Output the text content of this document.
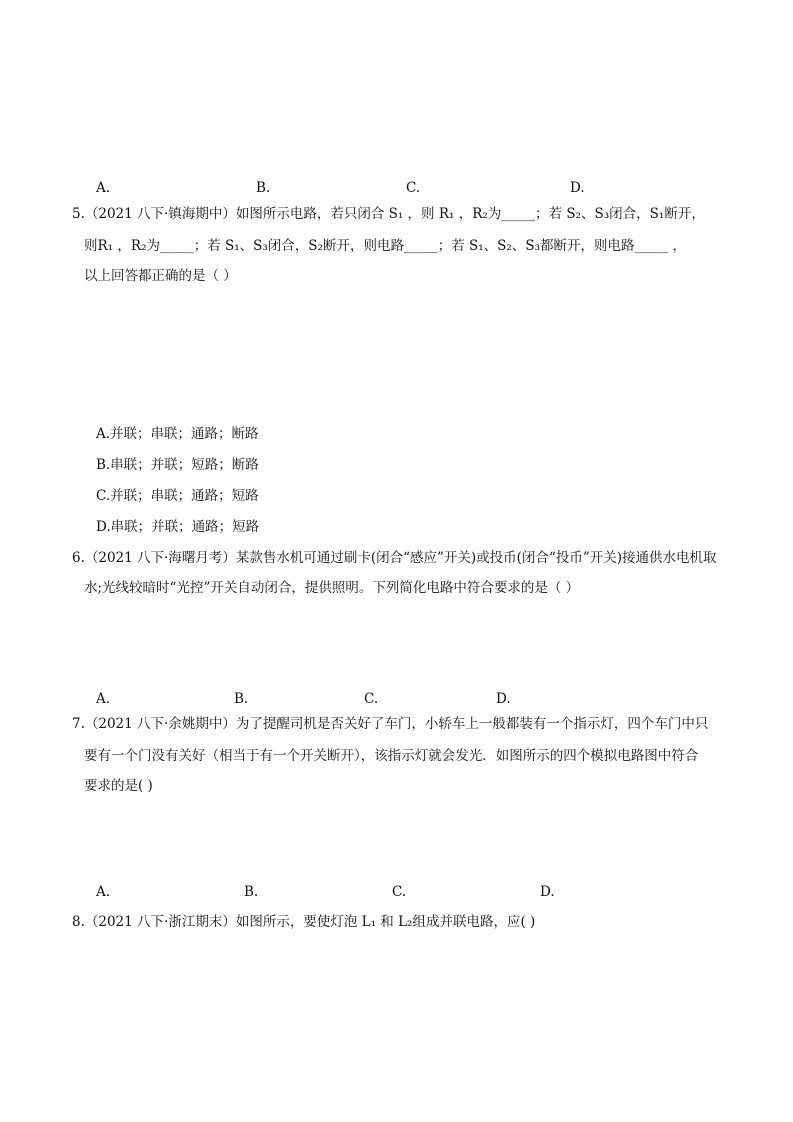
S甲 S乙
S班长
A.
S乙
S甲
S班长
B.
S甲	S乙
S班长
C.
S乙
S甲
S班长
D.
5.（2021 八下·镇海期中）如图所示电路，若只闭合 S₁ ，则 R₁ ，R₂为_____；若 S₂、S₃闭合，S₁断开，
则R₁ ，R₂为_____；若 S₁、S₃闭合，S₂断开，则电路_____；若 S₁、S₂、S₃都断开，则电路_____ ，
以上回答都正确的是（ ）
S₁ S₂
R₁ R₂
S₃
A.并联；串联；通路；断路
B.串联；并联；短路；断路
C.并联；串联；通路；短路
D.串联；并联；通路；短路
6.（2021 八下·海曙月考）某款售水机可通过刷卡(闭合“感应”开关)或投币(闭合“投币”开关)接通供水电机取
水;光线较暗时“光控”开关自动闭合，提供照明。下列简化电路中符合要求的是（ ）
M
L
光控
感应
投币
电源
A.
M
L
光控
感应
投币	电源
B.
M
光控
投币
感应	电源
C.
M
L
光控
感应 投币
电源
D.
7.（2021 八下·余姚期中）为了提醒司机是否关好了车门，小轿车上一般都装有一个指示灯，四个车门中只
要有一个门没有关好（相当于有一个开关断开），该指示灯就会发光．如图所示的四个模拟电路图中符合
要求的是( )
S₁ S₂ S₃ S₄
A.
L
S₁ S₂ S₃ S₄
B.
S₁	S₂
S₃	S₄
C.
L	S₁	S₂
S₃
S₄
D.
8.（2021 八下·浙江期末）如图所示，要使灯泡 L₁ 和 L₂组成并联电路，应( )
